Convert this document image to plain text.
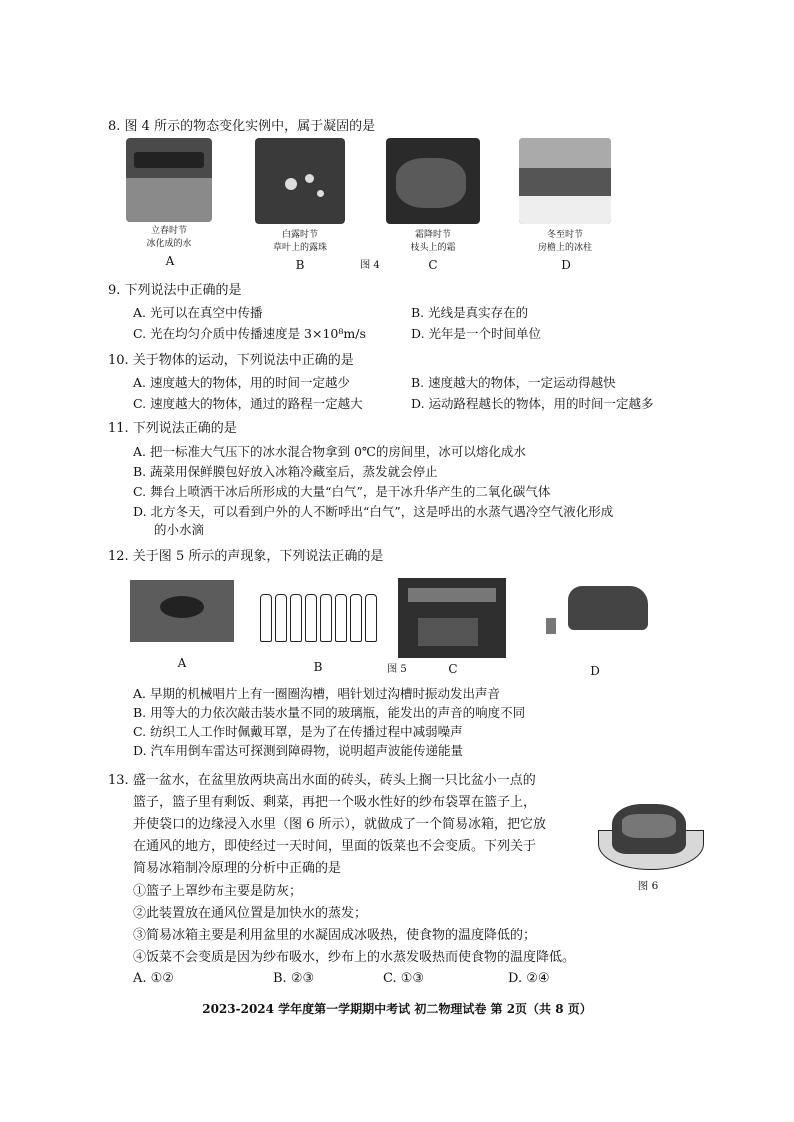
8. 图 4 所示的物态变化实例中，属于凝固的是
立春时节
冰化成的水
白露时节
草叶上的露珠
霜降时节
枝头上的霜
冬至时节
房檐上的冰柱
A	B	图 4	C	D
9. 下列说法中正确的是
A. 光可以在真空中传播	B. 光线是真实存在的
C. 光在均匀介质中传播速度是 3×10⁸m/s	D. 光年是一个时间单位
10. 关于物体的运动，下列说法中正确的是
A. 速度越大的物体，用的时间一定越少	B. 速度越大的物体，一定运动得越快
C. 速度越大的物体，通过的路程一定越大	D. 运动路程越长的物体，用的时间一定越多
11. 下列说法正确的是
A. 把一标准大气压下的冰水混合物拿到 0℃的房间里，冰可以熔化成水
B. 蔬菜用保鲜膜包好放入冰箱冷藏室后，蒸发就会停止
C. 舞台上喷洒干冰后所形成的大量“白气”，是干冰升华产生的二氧化碳气体
D. 北方冬天，可以看到户外的人不断呼出“白气”，这是呼出的水蒸气遇冷空气液化形成
的小水滴
12. 关于图 5 所示的声现象，下列说法正确的是
A	B	图 5	C	D
A. 早期的机械唱片上有一圈圈沟槽，唱针划过沟槽时振动发出声音
B. 用等大的力依次敲击装水量不同的玻璃瓶，能发出的声音的响度不同
C. 纺织工人工作时佩戴耳罩，是为了在传播过程中减弱噪声
D. 汽车用倒车雷达可探测到障碍物，说明超声波能传递能量
13. 盛一盆水，在盆里放两块高出水面的砖头，砖头上搁一只比盆小一点的
篮子，篮子里有剩饭、剩菜，再把一个吸水性好的纱布袋罩在篮子上，
并使袋口的边缘浸入水里（图 6 所示），就做成了一个简易冰箱，把它放
在通风的地方，即使经过一天时间，里面的饭菜也不会变质。下列关于
简易冰箱制冷原理的分析中正确的是
①篮子上罩纱布主要是防灰；
②此装置放在通风位置是加快水的蒸发；
③简易冰箱主要是利用盆里的水凝固成冰吸热，使食物的温度降低的；
④饭菜不会变质是因为纱布吸水，纱布上的水蒸发吸热而使食物的温度降低。
A. ①②	B. ②③	C. ①③	D. ②④
图 6
2023-2024 学年度第一学期期中考试 初二物理试卷 第 2页（共 8 页）
